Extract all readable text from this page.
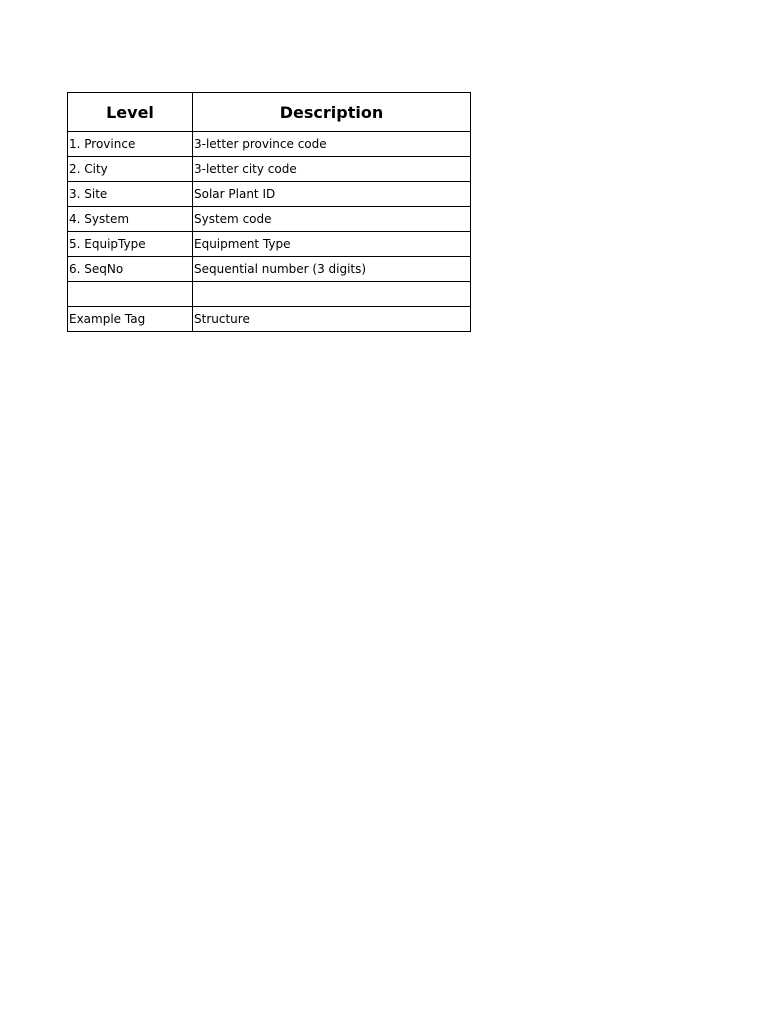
Level	Description
1. Province	3-letter province code
2. City	3-letter city code
3. Site	Solar Plant ID
4. System	System code
5. EquipType	Equipment Type
6. SeqNo	Sequential number (3 digits)

Example Tag	Structure
